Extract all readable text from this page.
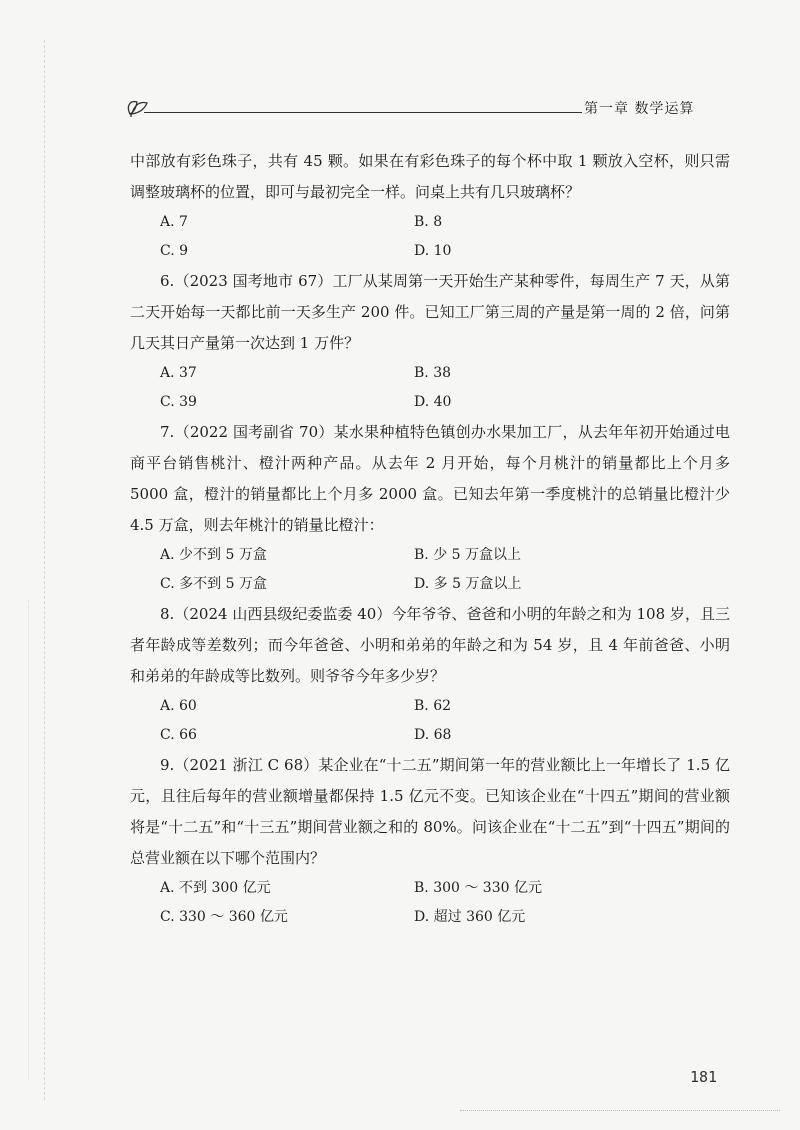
第一章 数学运算

中部放有彩色珠子，共有 45 颗。如果在有彩色珠子的每个杯中取 1 颗放入空杯，则只需调整玻璃杯的位置，即可与最初完全一样。问桌上共有几只玻璃杯？

A. 7	B. 8
C. 9	D. 10

6.（2023 国考地市 67）工厂从某周第一天开始生产某种零件，每周生产 7 天，从第二天开始每一天都比前一天多生产 200 件。已知工厂第三周的产量是第一周的 2 倍，问第几天其日产量第一次达到 1 万件？

A. 37	B. 38
C. 39	D. 40

7.（2022 国考副省 70）某水果种植特色镇创办水果加工厂，从去年年初开始通过电商平台销售桃汁、橙汁两种产品。从去年 2 月开始，每个月桃汁的销量都比上个月多 5000 盒，橙汁的销量都比上个月多 2000 盒。已知去年第一季度桃汁的总销量比橙汁少 4.5 万盒，则去年桃汁的销量比橙汁：

A. 少不到 5 万盒	B. 少 5 万盒以上
C. 多不到 5 万盒	D. 多 5 万盒以上

8.（2024 山西县级纪委监委 40）今年爷爷、爸爸和小明的年龄之和为 108 岁，且三者年龄成等差数列；而今年爸爸、小明和弟弟的年龄之和为 54 岁，且 4 年前爸爸、小明和弟弟的年龄成等比数列。则爷爷今年多少岁？

A. 60	B. 62
C. 66	D. 68

9.（2021 浙江 C 68）某企业在“十二五”期间第一年的营业额比上一年增长了 1.5 亿元，且往后每年的营业额增量都保持 1.5 亿元不变。已知该企业在“十四五”期间的营业额将是“十二五”和“十三五”期间营业额之和的 80%。问该企业在“十二五”到“十四五”期间的总营业额在以下哪个范围内？

A. 不到 300 亿元	B. 300 ～ 330 亿元
C. 330 ～ 360 亿元	D. 超过 360 亿元
181
